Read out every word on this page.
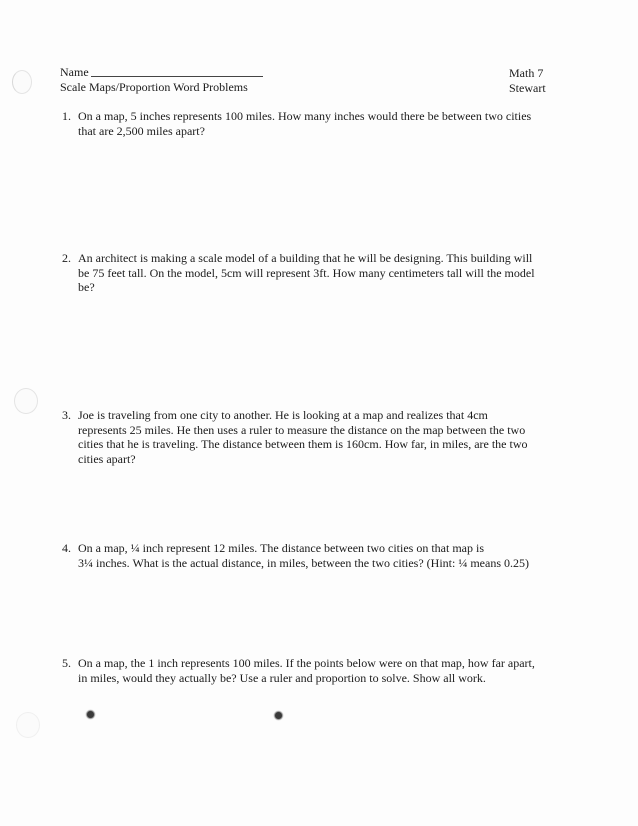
Name
Scale Maps/Proportion Word Problems
Math 7
Stewart
1. On a map, 5 inches represents 100 miles. How many inches would there be between two cities
that are 2,500 miles apart?
2. An architect is making a scale model of a building that he will be designing. This building will
be 75 feet tall. On the model, 5cm will represent 3ft. How many centimeters tall will the model
be?
3. Joe is traveling from one city to another. He is looking at a map and realizes that 4cm
represents 25 miles. He then uses a ruler to measure the distance on the map between the two
cities that he is traveling. The distance between them is 160cm. How far, in miles, are the two
cities apart?
4. On a map, ¼ inch represent 12 miles. The distance between two cities on that map is
3¼ inches. What is the actual distance, in miles, between the two cities? (Hint: ¼ means 0.25)
5. On a map, the 1 inch represents 100 miles. If the points below were on that map, how far apart,
in miles, would they actually be? Use a ruler and proportion to solve. Show all work.
